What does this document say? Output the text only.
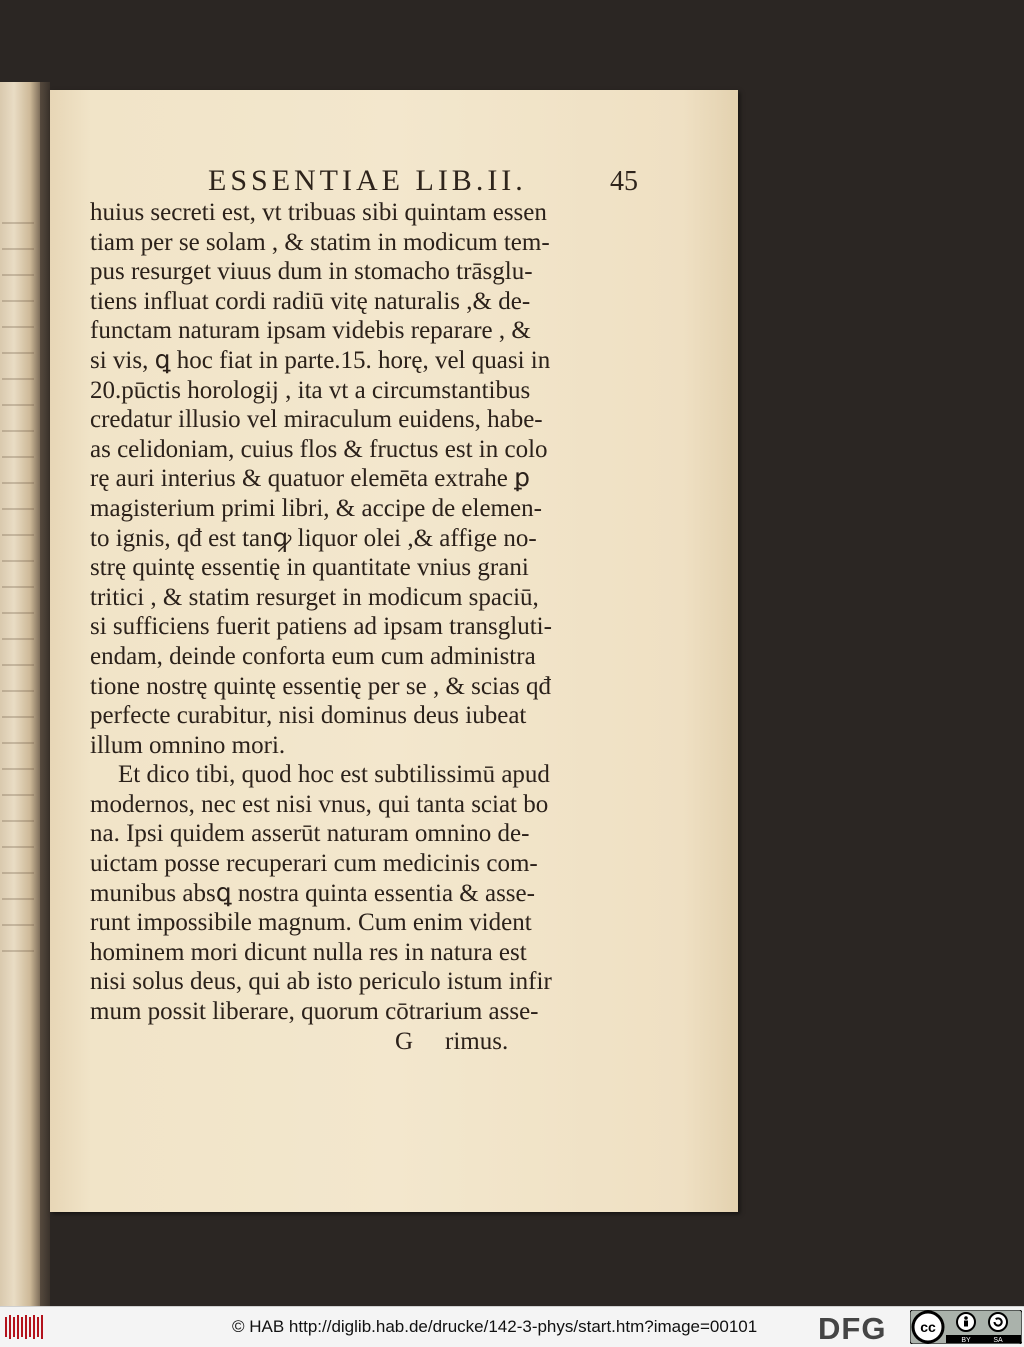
ESSENTIAE LIB.II.	45
huius secreti est, vt tribuas sibi quintam essen
tiam per se solam , & statim in modicum tem-
pus resurget viuus dum in stomacho trāsglu-
tiens influat cordi radiū vitę naturalis ,& de-
functam naturam ipsam videbis reparare , &
si vis, ꝗ hoc fiat in parte.15. horę, vel quasi in
20.pūctis horologij , ita vt a circumstantibus
credatur illusio vel miraculum euidens, habe-
as celidoniam, cuius flos & fructus est in colo
rę auri interius & quatuor elemēta extrahe ꝑ
magisterium primi libri, & accipe de elemen-
to ignis, qđ est tanꝙ liquor olei ,& affige no-
strę quintę essentię in quantitate vnius grani
tritici , & statim resurget in modicum spaciū,
si sufficiens fuerit patiens ad ipsam transgluti-
endam, deinde conforta eum cum administra
tione nostrę quintę essentię per se , & scias qđ
perfecte curabitur, nisi dominus deus iubeat
illum omnino mori.
Et dico tibi, quod hoc est subtilissimū apud
modernos, nec est nisi vnus, qui tanta sciat bo
na. Ipsi quidem asserūt naturam omnino de-
uictam posse recuperari cum medicinis com-
munibus absꝗ nostra quinta essentia & asse-
runt impossibile magnum. Cum enim vident
hominem mori dicunt nulla res in natura est
nisi solus deus, qui ab isto periculo istum infir
mum possit liberare, quorum cōtrarium asse-
G rimus.
© HAB http://diglib.hab.de/drucke/142-3-phys/start.htm?image=00101 DFG cc
BY	SA
